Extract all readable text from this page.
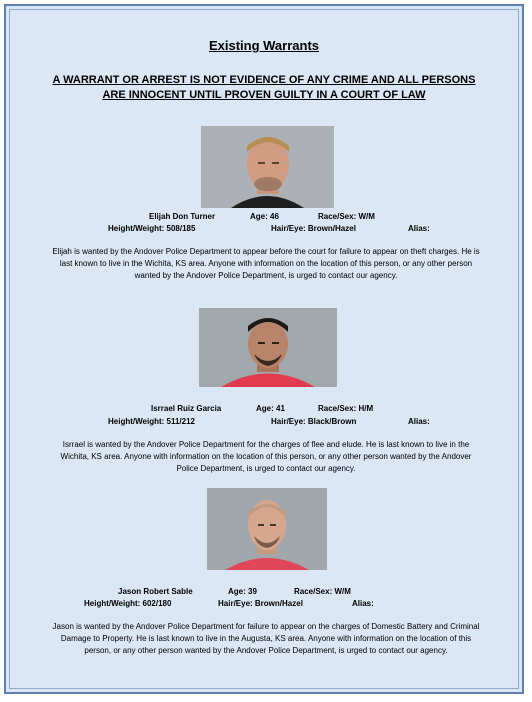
Existing Warrants
A WARRANT OR ARREST IS NOT EVIDENCE OF ANY CRIME AND ALL PERSONS
ARE INNOCENT UNTIL PROVEN GUILTY IN A COURT OF LAW
Elijah Don Turner	Age: 46	Race/Sex: W/M
Height/Weight: 508/185	Hair/Eye: Brown/Hazel	Alias:
Elijah is wanted by the Andover Police Department to appear before the court for failure to appear on theft charges. He is last known to live in the Wichita, KS area. Anyone with information on the location of this person, or any other person wanted by the Andover Police Department, is urged to contact our agency.
Isrrael Ruiz Garcia	Age: 41	Race/Sex: H/M
Height/Weight: 511/212	Hair/Eye: Black/Brown	Alias:
Isrrael is wanted by the Andover Police Department for the charges of flee and elude. He is last known to live in the Wichita, KS area. Anyone with information on the location of this person, or any other person wanted by the Andover Police Department, is urged to contact our agency.
Jason Robert Sable	Age: 39	Race/Sex: W/M
Height/Weight: 602/180	Hair/Eye: Brown/Hazel	Alias:
Jason is wanted by the Andover Police Department for failure to appear on the charges of Domestic Battery and Criminal Damage to Property. He is last known to live in the Augusta, KS area. Anyone with information on the location of this person, or any other person wanted by the Andover Police Department, is urged to contact our agency.
